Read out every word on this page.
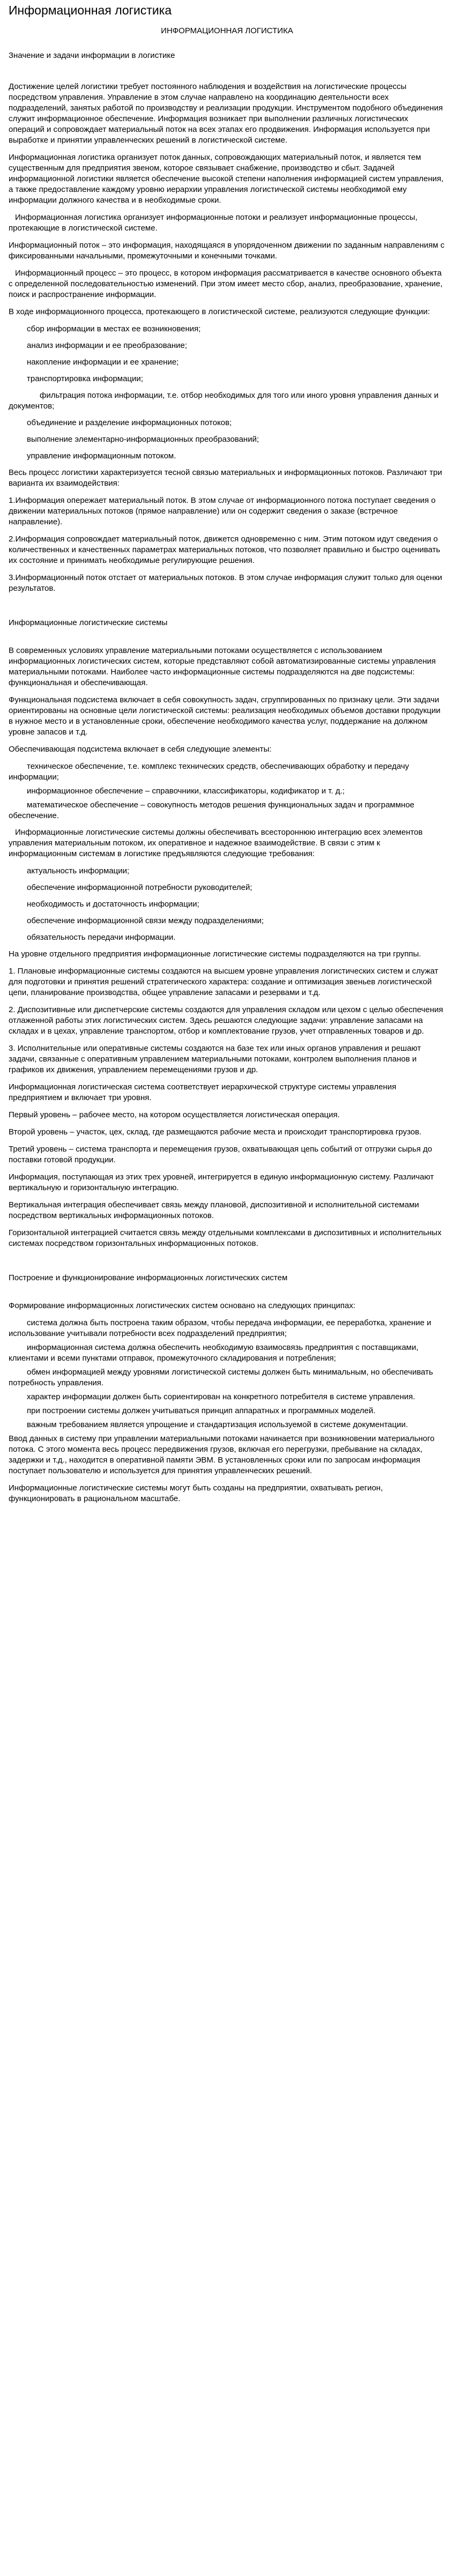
Информационная логистика
ИНФОРМАЦИОННАЯ ЛОГИСТИКА

Значение и задачи информации в логистике

Достижение целей логистики требует постоянного наблюдения и воздействия на логистические процессы посредством управления. Управление в этом случае направлено на координацию деятельности всех подразделений, занятых работой по производству и реализации продукции. Инструментом подобного объединения служит информационное обеспечение. Информация возникает при выполнении различных логистических операций и сопровождает материальный поток на всех этапах его продвижения. Информация используется при выработке и принятии управленческих решений в логистической системе.

Информационная логистика организует поток данных, сопровождающих материальный поток, и является тем существенным для предприятия звеном, которое связывает снабжение, производство и сбыт. Задачей информационной логистики является обеспечение высокой степени наполнения информацией систем управления, а также предоставление каждому уровню иерархии управления логистической системы необходимой ему информации должного качества и в необходимые сроки.

Информационная логистика организует информационные потоки и реализует информационные процессы, протекающие в логистической системе.

Информационный поток – это информация, находящаяся в упорядоченном движении по заданным направлениям с фиксированными начальными, промежуточными и конечными точками.

Информационный процесс – это процесс, в котором информация рассматривается в качестве основного объекта с определенной последовательностью изменений. При этом имеет место сбор, анализ, преобразование, хранение, поиск и распространение информации.

В ходе информационного процесса, протекающего в логистической системе, реализуются следующие функции:

сбор информации в местах ее возникновения;

анализ информации и ее преобразование;

накопление информации и ее хранение;

транспортировка информации;

фильтрация потока информации, т.е. отбор необходимых для того или иного уровня управления данных и документов;

объединение и разделение информационных потоков;

выполнение элементарно-информационных преобразований;

управление информационным потоком.

Весь процесс логистики характеризуется тесной связью материальных и информационных потоков. Различают три варианта их взаимодействия:

1.Информация опережает материальный поток. В этом случае от информационного потока поступает сведения о движении материальных потоков (прямое направление) или он содержит сведения о заказе (встречное направление).

2.Информация сопровождает материальный поток, движется одновременно с ним. Этим потоком идут сведения о количественных и качественных параметрах материальных потоков, что позволяет правильно и быстро оценивать их состояние и принимать необходимые регулирующие решения.

3.Информационный поток отстает от материальных потоков. В этом случае информация служит только для оценки результатов.

Информационные логистические системы

В современных условиях управление материальными потоками осуществляется с использованием информационных логистических систем, которые представляют собой автоматизированные системы управления материальными потоками. Наиболее часто информационные системы подразделяются на две подсистемы: функциональная и обеспечивающая.

Функциональная подсистема включает в себя совокупность задач, сгруппированных по признаку цели. Эти задачи ориентированы на основные цели логистической системы: реализация необходимых объемов доставки продукции в нужное место и в установленные сроки, обеспечение необходимого качества услуг, поддержание на должном уровне запасов и т.д.

Обеспечивающая подсистема включает в себя следующие элементы:

техническое обеспечение, т.е. комплекс технических средств, обеспечивающих обработку и передачу информации;

информационное обеспечение – справочники, классификаторы, кодификатор и т. д.;

математическое обеспечение – совокупность методов решения функциональных задач и программное обеспечение.

Информационные логистические системы должны обеспечивать всестороннюю интеграцию всех элементов управления материальным потоком, их оперативное и надежное взаимодействие. В связи с этим к информационным системам в логистике предъявляются следующие требования:

актуальность информации;

обеспечение информационной потребности руководителей;

необходимость и достаточность информации;

обеспечение информационной связи между подразделениями;

обязательность передачи информации.

На уровне отдельного предприятия информационные логистические системы подразделяются на три группы.

1. Плановые информационные системы создаются на высшем уровне управления логистических систем и служат для подготовки и принятия решений стратегического характера: создание и оптимизация звеньев логистической цепи, планирование производства, общее управление запасами и резервами и т.д.

2. Диспозитивные или диспетчерские системы создаются для управления складом или цехом с целью обеспечения отлаженной работы этих логистических систем. Здесь решаются следующие задачи: управление запасами на складах и в цехах, управление транспортом, отбор и комплектование грузов, учет отправленных товаров и др.

3. Исполнительные или оперативные системы создаются на базе тех или иных органов управления и решают задачи, связанные с оперативным управлением материальными потоками, контролем выполнения планов и графиков их движения, управлением перемещениями грузов и др.

Информационная логистическая система соответствует иерархической структуре системы управления предприятием и включает три уровня.

Первый уровень – рабочее место, на котором осуществляется логистическая операция.

Второй уровень – участок, цех, склад, где размещаются рабочие места и происходит транспортировка грузов.

Третий уровень – система транспорта и перемещения грузов, охватывающая цепь событий от отгрузки сырья до поставки готовой продукции.

Информация, поступающая из этих трех уровней, интегрируется в единую информационную систему. Различают вертикальную и горизонтальную интеграцию.

Вертикальная интеграция обеспечивает связь между плановой, диспозитивной и исполнительной системами посредством вертикальных информационных потоков.

Горизонтальной интеграцией считается связь между отдельными комплексами в диспозитивных и исполнительных системах посредством горизонтальных информационных потоков.

Построение и функционирование информационных логистических систем

Формирование информационных логистических систем основано на следующих принципах:

система должна быть построена таким образом, чтобы передача информации, ее переработка, хранение и использование учитывали потребности всех подразделений предприятия;

информационная система должна обеспечить необходимую взаимосвязь предприятия с поставщиками, клиентами и всеми пунктами отправок, промежуточного складирования и потребления;

обмен информацией между уровнями логистической системы должен быть минимальным, но обеспечивать потребность управления.

характер информации должен быть сориентирован на конкретного потребителя в системе управления.

при построении системы должен учитываться принцип аппаратных и программных моделей.

важным требованием является упрощение и стандартизация используемой в системе документации.

Ввод данных в систему при управлении материальными потоками начинается при возникновении материального потока. С этого момента весь процесс передвижения грузов, включая его перегрузки, пребывание на складах, задержки и т.д., находится в оперативной памяти ЭВМ. В установленных сроки или по запросам информация поступает пользователю и используется для принятия управленческих решений.

Информационные логистические системы могут быть созданы на предприятии, охватывать регион, функционировать в рациональном масштабе.
